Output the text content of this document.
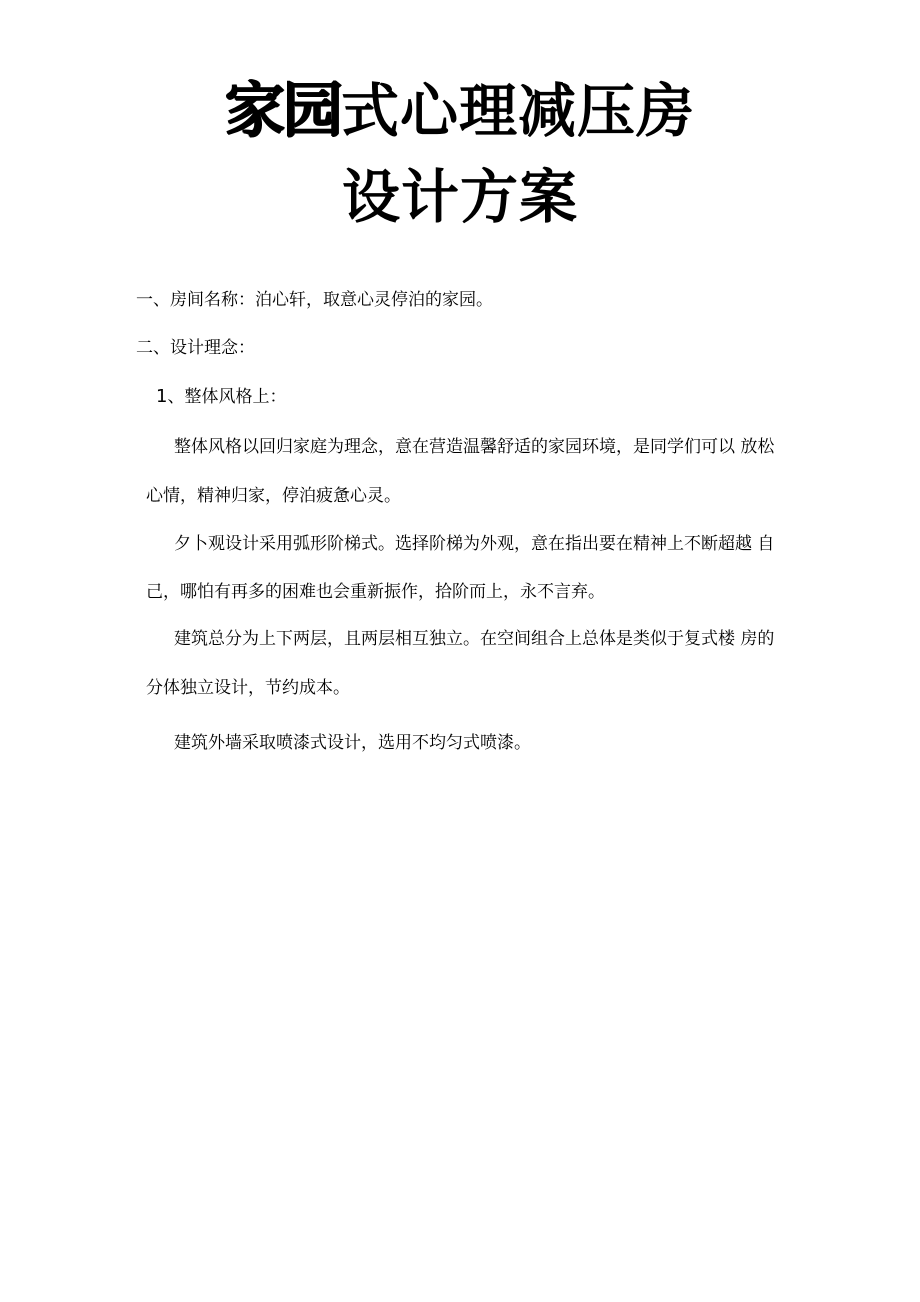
家园式心理减压房
设计方案
一、房间名称：泊心轩，取意心灵停泊的家园。
二、设计理念：
1、整体风格上：
整体风格以回归家庭为理念，意在营造温馨舒适的家园环境，是同学们可以 放松
心情，精神归家，停泊疲惫心灵。
夕卜观设计采用弧形阶梯式。选择阶梯为外观，意在指出要在精神上不断超越 自
己，哪怕有再多的困难也会重新振作，拾阶而上，永不言弃。
建筑总分为上下两层，且两层相互独立。在空间组合上总体是类似于复式楼 房的
分体独立设计，节约成本。
建筑外墙采取喷漆式设计，选用不均匀式喷漆。
